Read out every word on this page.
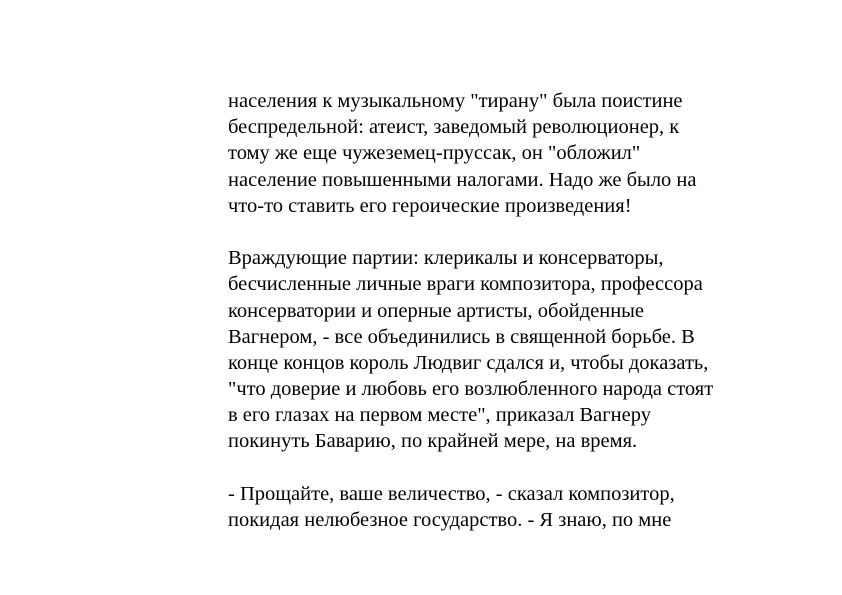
населения к музыкальному "тирану" была поистине
беспредельной: атеист, заведомый революционер, к
тому же еще чужеземец-пруссак, он "обложил"
население повышенными налогами. Надо же было на
что-то ставить его героические произведения!
Враждующие партии: клерикалы и консерваторы,
бесчисленные личные враги композитора, профессора
консерватории и оперные артисты, обойденные
Вагнером, - все объединились в священной борьбе. В
конце концов король Людвиг сдался и, чтобы доказать,
"что доверие и любовь его возлюбленного народа стоят
в его глазах на первом месте", приказал Вагнеру
покинуть Баварию, по крайней мере, на время.
- Прощайте, ваше величество, - сказал композитор,
покидая нелюбезное государство. - Я знаю, по мне
